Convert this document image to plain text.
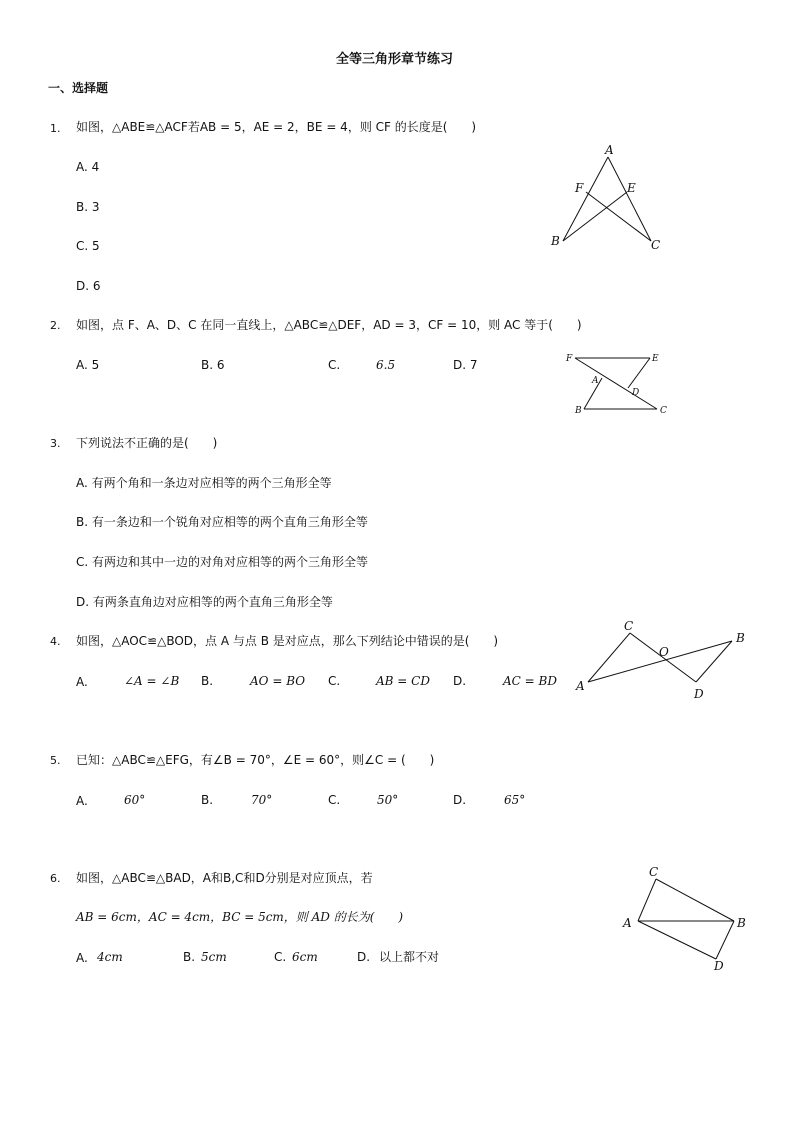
全等三角形章节练习
一、选择题
1. 如图，△ABE≌△ACF若AB = 5，AE = 2，BE = 4，则 CF 的长度是(　　)
A. 4
B. 3
C. 5
D. 6
A
F	E
B	C
2. 如图，点 F、A、D、C 在同一直线上，△ABC≌△DEF，AD = 3，CF = 10，则 AC 等于(　　)
A. 5	B. 6	C.	6.5	D. 7	F	E
A
D
B	C
3. 下列说法不正确的是(　　)
A. 有两个角和一条边对应相等的两个三角形全等
B. 有一条边和一个锐角对应相等的两个直角三角形全等
C. 有两边和其中一边的对角对应相等的两个三角形全等
D. 有两条直角边对应相等的两个直角三角形全等
4. 如图，△AOC≌△BOD，点 A 与点 B 是对应点，那么下列结论中错误的是(　　)
A.	∠A = ∠B B.	AO = BO C.	AB = CD D.	AC = BD
C
O
B
A
D
5. 已知：△ABC≌△EFG，有∠B = 70°，∠E = 60°，则∠C = (　　)
A.	60°	B.	70°	C.	50°	D.	65°
6. 如图，△ABC≌△BAD，A和B,C和D分别是对应顶点，若
AB = 6cm，AC = 4cm，BC = 5cm，则 AD 的长为(　　)
A. 4cm	B. 5cm	C. 6cm	D. 以上都不对
C
A	B
D
